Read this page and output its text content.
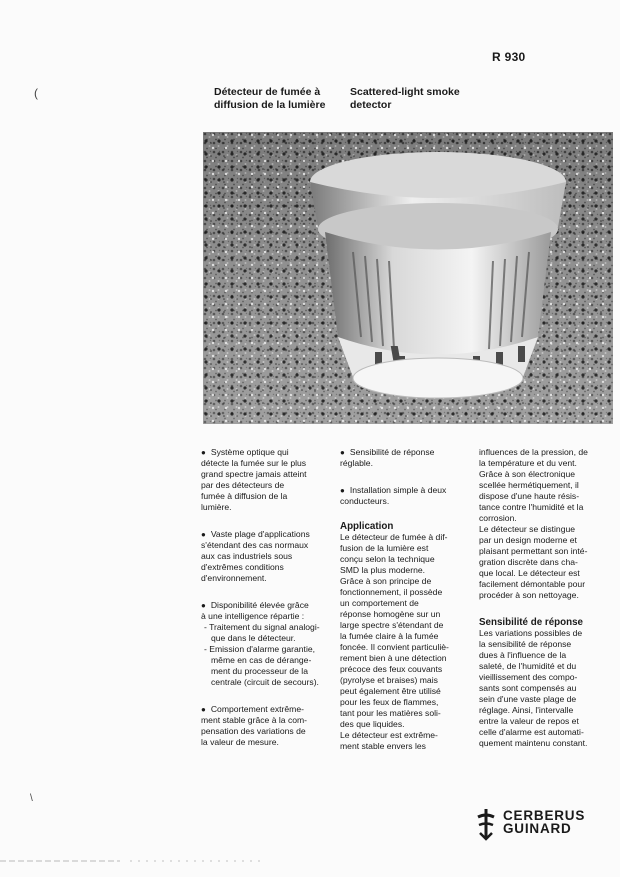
R 930
(
\
Détecteur de fumée à
diffusion de la lumière
Scattered-light smoke
detector

● Système optique qui

détecte la fumée sur le plus

grand spectre jamais atteint

par des détecteurs de

fumée à diffusion de la

lumière.

● Vaste plage d'applications

s'étendant des cas normaux

aux cas industriels sous

d'extrêmes conditions

d'environnement.

● Disponibilité élevée grâce

à une intelligence répartie :

- Traitement du signal analogi-

que dans le détecteur.

- Emission d'alarme garantie,

même en cas de dérange-

ment du processeur de la

centrale (circuit de secours).

● Comportement extrême-

ment stable grâce à la com-

pensation des variations de

la valeur de mesure.

● Sensibilité de réponse

réglable.

● Installation simple à deux

conducteurs.

Application

Le détecteur de fumée à dif-

fusion de la lumière est

conçu selon la technique

SMD la plus moderne.

Grâce à son principe de

fonctionnement, il possède

un comportement de

réponse homogène sur un

large spectre s'étendant de

la fumée claire à la fumée

foncée. Il convient particuliè-

rement bien à une détection

précoce des feux couvants

(pyrolyse et braises) mais

peut également être utilisé

pour les feux de flammes,

tant pour les matières soli-

des que liquides.

Le détecteur est extrême-

ment stable envers les

influences de la pression, de

la température et du vent.

Grâce à son électronique

scellée hermétiquement, il

dispose d'une haute résis-

tance contre l'humidité et la

corrosion.

Le détecteur se distingue

par un design moderne et

plaisant permettant son inté-

gration discrète dans cha-

que local. Le détecteur est

facilement démontable pour

procéder à son nettoyage.

Sensibilité de réponse

Les variations possibles de

la sensibilité de réponse

dues à l'influence de la

saleté, de l'humidité et du

vieillissement des compo-

sants sont compensés au

sein d'une vaste plage de

réglage. Ainsi, l'intervalle

entre la valeur de repos et

celle d'alarme est automati-

quement maintenu constant.

CERBERUS
GUINARD
